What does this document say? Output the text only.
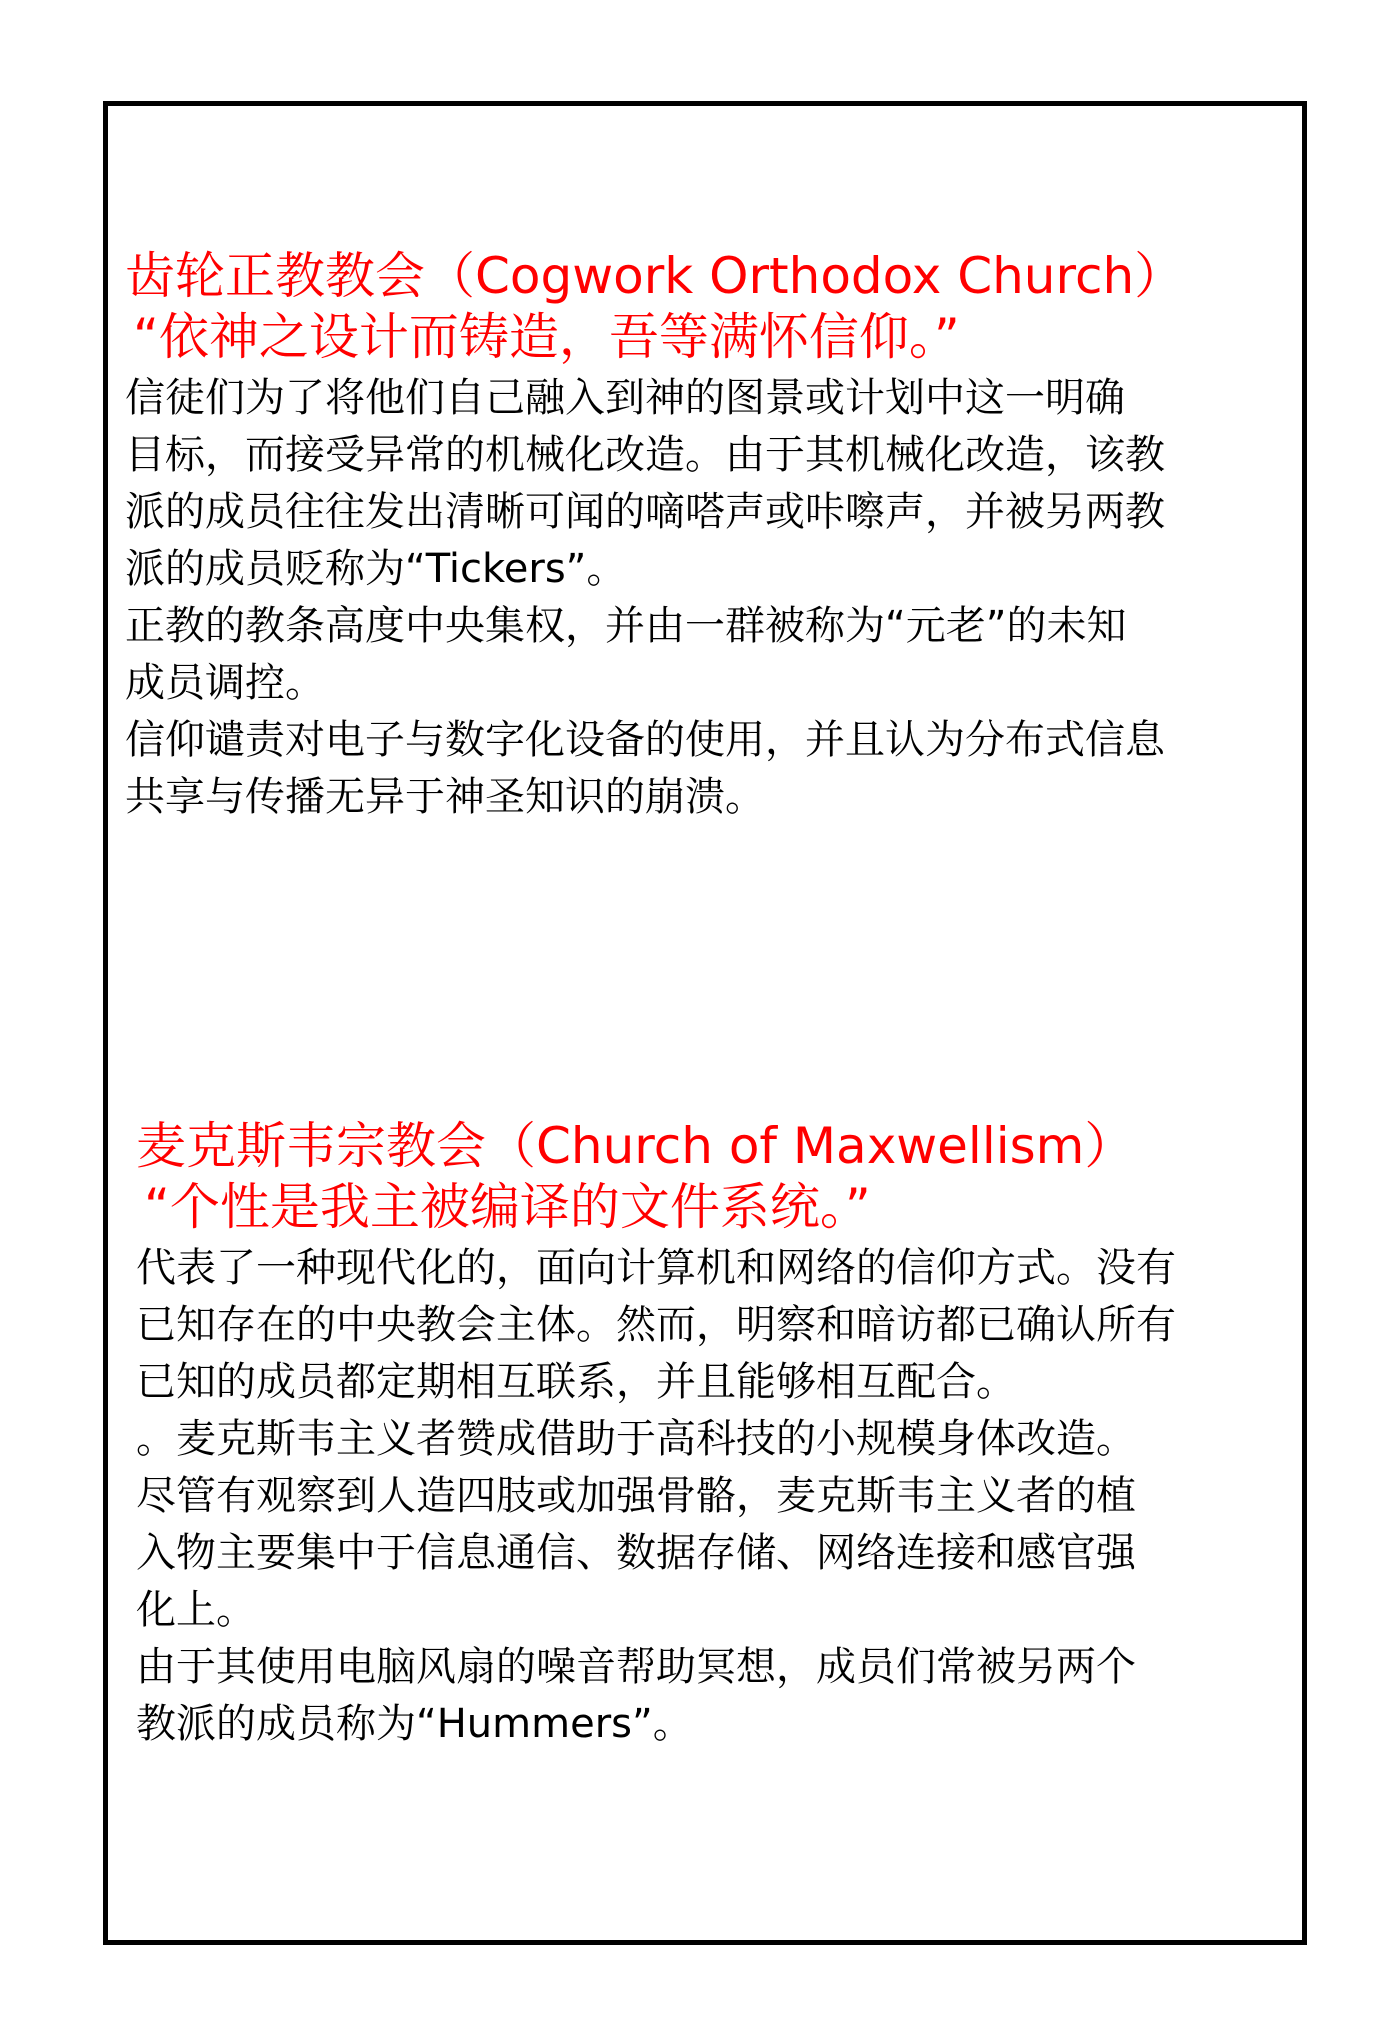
齿轮正教教会（Cogwork Orthodox Church）
“依神之设计而铸造，吾等满怀信仰。”
信徒们为了将他们自己融入到神的图景或计划中这一明确
目标，而接受异常的机械化改造。由于其机械化改造，该教
派的成员往往发出清晰可闻的嘀嗒声或咔嚓声，并被另两教
派的成员贬称为“Tickers”。
正教的教条高度中央集权，并由一群被称为“元老”的未知
成员调控。
信仰谴责对电子与数字化设备的使用，并且认为分布式信息
共享与传播无异于神圣知识的崩溃。
麦克斯韦宗教会（Church of Maxwellism）
“个性是我主被编译的文件系统。”
代表了一种现代化的，面向计算机和网络的信仰方式。没有
已知存在的中央教会主体。然而，明察和暗访都已确认所有
已知的成员都定期相互联系，并且能够相互配合。
。麦克斯韦主义者赞成借助于高科技的小规模身体改造。
尽管有观察到人造四肢或加强骨骼，麦克斯韦主义者的植
入物主要集中于信息通信、数据存储、网络连接和感官强
化上。
由于其使用电脑风扇的噪音帮助冥想，成员们常被另两个
教派的成员称为“Hummers”。
